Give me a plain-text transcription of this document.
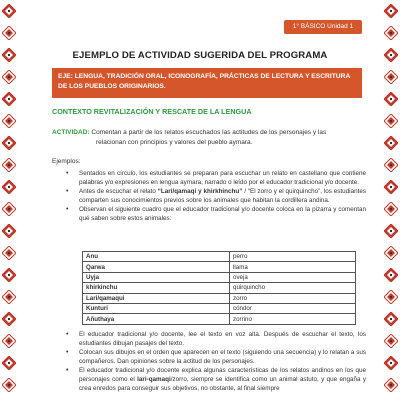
1° BÁSICO Unidad 1
EJEMPLO DE ACTIVIDAD SUGERIDA DEL PROGRAMA
EJE: LENGUA, TRADICIÓN ORAL, ICONOGRAFÍA, PRÁCTICAS DE LECTURA Y ESCRITURA DE LOS PUEBLOS ORIGINARIOS.
CONTEXTO REVITALIZACIÓN Y RESCATE DE LA LENGUA
ACTIVIDAD: Comentan a partir de los relatos escuchados las actitudes de los personajes y las
relacionan con principios y valores del pueblo aymara.
Ejemplos:
• Sentados en círculo, los estudiantes se preparan para escuchar un relato en castellano que contiene palabras y/o expresiones en lengua aymara, narrado o leído por el educador tradicional y/o docente.
• Antes de escuchar el relato “Lari/qamaqi y khirkhinchu” / “El zorro y el quirquincho”, los estudiantes comparten sus conocimientos previos sobre los animales que habitan la cordillera andina.
• Observan el siguiente cuadro que el educador tradicional y/o docente coloca en la pizarra y comentan qué saben sobre estos animales:
Anu	perro
Qarwa	llama
Uyja	oveja
khirkinchu	quirquincho
Lari/qamaqui	zorro
Kunturi	cóndor
Añuthaya	zorrino
• El educador tradicional y/o docente, lee el texto en voz alta. Después de escuchar el texto, los estudiantes dibujan pasajes del texto.
• Colocan sus dibujos en el orden que aparecen en el texto (siguiendo una secuencia) y lo relatan a sus compañeros. Dan opiniones sobre la actitud de los personajes.
• El educador tradicional y/o docente explica algunas características de los relatos andinos en los que personajes como el lari-qamaqi/zorro, siempre se identifica como un animal astuto, y que engaña y crea enredos para conseguir sus objetivos, no obstante, al final siempre
